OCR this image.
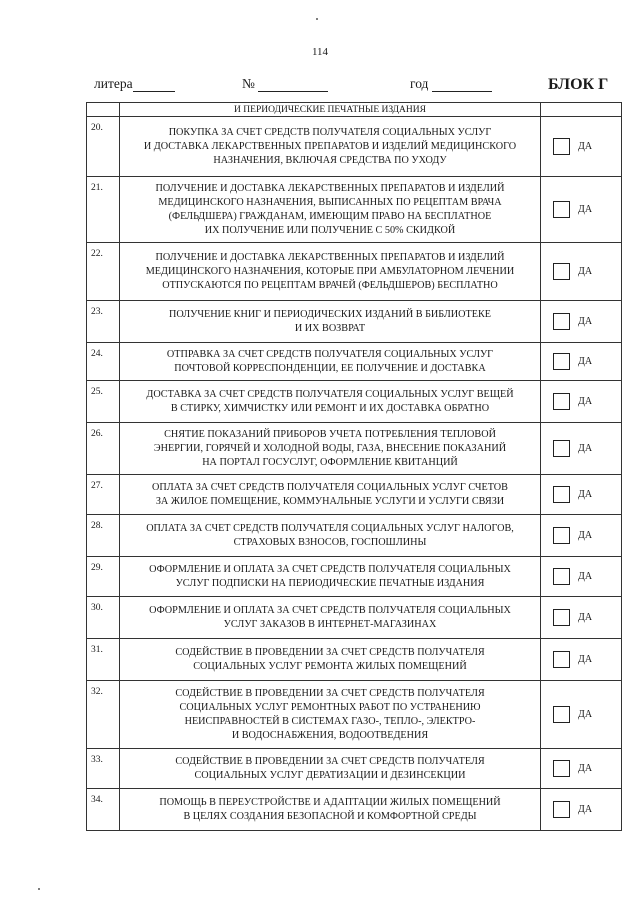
114
литера	№	год	БЛОК Г
	И ПЕРИОДИЧЕСКИЕ ПЕЧАТНЫЕ ИЗДАНИЯ	
20.	ПОКУПКА ЗА СЧЕТ СРЕДСТВ ПОЛУЧАТЕЛЯ СОЦИАЛЬНЫХ УСЛУГ
И ДОСТАВКА ЛЕКАРСТВЕННЫХ ПРЕПАРАТОВ И ИЗДЕЛИЙ МЕДИЦИНСКОГО
НАЗНАЧЕНИЯ, ВКЛЮЧАЯ СРЕДСТВА ПО УХОДУ	ДА

21.	ПОЛУЧЕНИЕ И ДОСТАВКА ЛЕКАРСТВЕННЫХ ПРЕПАРАТОВ И ИЗДЕЛИЙ
МЕДИЦИНСКОГО НАЗНАЧЕНИЯ, ВЫПИСАННЫХ ПО РЕЦЕПТАМ ВРАЧА
(ФЕЛЬДШЕРА) ГРАЖДАНАМ, ИМЕЮЩИМ ПРАВО НА БЕСПЛАТНОЕ
ИХ ПОЛУЧЕНИЕ ИЛИ ПОЛУЧЕНИЕ С 50% СКИДКОЙ	ДА

22.	ПОЛУЧЕНИЕ И ДОСТАВКА ЛЕКАРСТВЕННЫХ ПРЕПАРАТОВ И ИЗДЕЛИЙ
МЕДИЦИНСКОГО НАЗНАЧЕНИЯ, КОТОРЫЕ ПРИ АМБУЛАТОРНОМ ЛЕЧЕНИИ
ОТПУСКАЮТСЯ ПО РЕЦЕПТАМ ВРАЧЕЙ (ФЕЛЬДШЕРОВ) БЕСПЛАТНО	ДА

23.	ПОЛУЧЕНИЕ КНИГ И ПЕРИОДИЧЕСКИХ ИЗДАНИЙ В БИБЛИОТЕКЕ
И ИХ ВОЗВРАТ	ДА

24.	ОТПРАВКА ЗА СЧЕТ СРЕДСТВ ПОЛУЧАТЕЛЯ СОЦИАЛЬНЫХ УСЛУГ
ПОЧТОВОЙ КОРРЕСПОНДЕНЦИИ, ЕЕ ПОЛУЧЕНИЕ И ДОСТАВКА	ДА

25.	ДОСТАВКА ЗА СЧЕТ СРЕДСТВ ПОЛУЧАТЕЛЯ СОЦИАЛЬНЫХ УСЛУГ ВЕЩЕЙ
В СТИРКУ, ХИМЧИСТКУ ИЛИ РЕМОНТ И ИХ ДОСТАВКА ОБРАТНО	ДА

26.	СНЯТИЕ ПОКАЗАНИЙ ПРИБОРОВ УЧЕТА ПОТРЕБЛЕНИЯ ТЕПЛОВОЙ
ЭНЕРГИИ, ГОРЯЧЕЙ И ХОЛОДНОЙ ВОДЫ, ГАЗА, ВНЕСЕНИЕ ПОКАЗАНИЙ
НА ПОРТАЛ ГОСУСЛУГ, ОФОРМЛЕНИЕ КВИТАНЦИЙ	ДА

27.	ОПЛАТА ЗА СЧЕТ СРЕДСТВ ПОЛУЧАТЕЛЯ СОЦИАЛЬНЫХ УСЛУГ СЧЕТОВ
ЗА ЖИЛОЕ ПОМЕЩЕНИЕ, КОММУНАЛЬНЫЕ УСЛУГИ И УСЛУГИ СВЯЗИ	ДА

28.	ОПЛАТА ЗА СЧЕТ СРЕДСТВ ПОЛУЧАТЕЛЯ СОЦИАЛЬНЫХ УСЛУГ НАЛОГОВ,
СТРАХОВЫХ ВЗНОСОВ, ГОСПОШЛИНЫ	ДА

29.	ОФОРМЛЕНИЕ И ОПЛАТА ЗА СЧЕТ СРЕДСТВ ПОЛУЧАТЕЛЯ СОЦИАЛЬНЫХ
УСЛУГ ПОДПИСКИ НА ПЕРИОДИЧЕСКИЕ ПЕЧАТНЫЕ ИЗДАНИЯ	ДА

30.	ОФОРМЛЕНИЕ И ОПЛАТА ЗА СЧЕТ СРЕДСТВ ПОЛУЧАТЕЛЯ СОЦИАЛЬНЫХ
УСЛУГ ЗАКАЗОВ В ИНТЕРНЕТ-МАГАЗИНАХ	ДА

31.	СОДЕЙСТВИЕ В ПРОВЕДЕНИИ ЗА СЧЕТ СРЕДСТВ ПОЛУЧАТЕЛЯ
СОЦИАЛЬНЫХ УСЛУГ РЕМОНТА ЖИЛЫХ ПОМЕЩЕНИЙ	ДА

32.	СОДЕЙСТВИЕ В ПРОВЕДЕНИИ ЗА СЧЕТ СРЕДСТВ ПОЛУЧАТЕЛЯ
СОЦИАЛЬНЫХ УСЛУГ РЕМОНТНЫХ РАБОТ ПО УСТРАНЕНИЮ
НЕИСПРАВНОСТЕЙ В СИСТЕМАХ ГАЗО-, ТЕПЛО-, ЭЛЕКТРО-
И ВОДОСНАБЖЕНИЯ, ВОДООТВЕДЕНИЯ	ДА

33.	СОДЕЙСТВИЕ В ПРОВЕДЕНИИ ЗА СЧЕТ СРЕДСТВ ПОЛУЧАТЕЛЯ
СОЦИАЛЬНЫХ УСЛУГ ДЕРАТИЗАЦИИ И ДЕЗИНСЕКЦИИ	ДА

34.	ПОМОЩЬ В ПЕРЕУСТРОЙСТВЕ И АДАПТАЦИИ ЖИЛЫХ ПОМЕЩЕНИЙ
В ЦЕЛЯХ СОЗДАНИЯ БЕЗОПАСНОЙ И КОМФОРТНОЙ СРЕДЫ	ДА
